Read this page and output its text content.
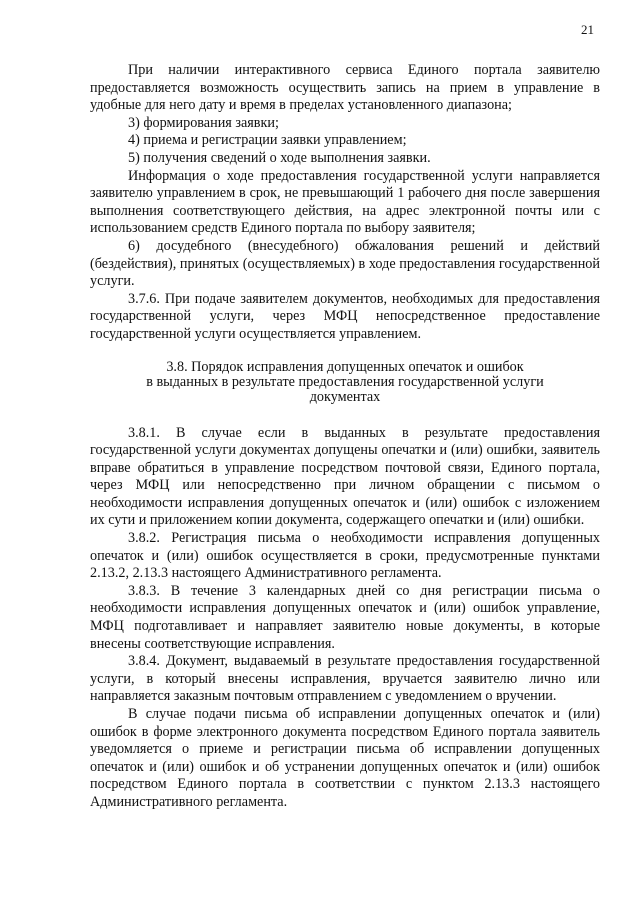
21

При наличии интерактивного сервиса Единого портала заявителю предоставляется возможность осуществить запись на прием в управление в удобные для него дату и время в пределах установленного диапазона;

3) формирования заявки;

4) приема и регистрации заявки управлением;

5) получения сведений о ходе выполнения заявки.

Информация о ходе предоставления государственной услуги направляется заявителю управлением в срок, не превышающий 1 рабочего дня после завершения выполнения соответствующего действия, на адрес электронной почты или с использованием средств Единого портала по выбору заявителя;

6) досудебного (внесудебного) обжалования решений и действий (бездействия), принятых (осуществляемых) в ходе предоставления государственной услуги.

3.7.6. При подаче заявителем документов, необходимых для предоставления государственной услуги, через МФЦ непосредственное предоставление государственной услуги осуществляется управлением.

3.8. Порядок исправления допущенных опечаток и ошибок
в выданных в результате предоставления государственной услуги
документах

3.8.1. В случае если в выданных в результате предоставления государственной услуги документах допущены опечатки и (или) ошибки, заявитель вправе обратиться в управление посредством почтовой связи, Единого портала, через МФЦ или непосредственно при личном обращении с письмом о необходимости исправления допущенных опечаток и (или) ошибок с изложением их сути и приложением копии документа, содержащего опечатки и (или) ошибки.

3.8.2. Регистрация письма о необходимости исправления допущенных опечаток и (или) ошибок осуществляется в сроки, предусмотренные пунктами 2.13.2, 2.13.3 настоящего Административного регламента.

3.8.3. В течение 3 календарных дней со дня регистрации письма о необходимости исправления допущенных опечаток и (или) ошибок управление, МФЦ подготавливает и направляет заявителю новые документы, в которые внесены соответствующие исправления.

3.8.4. Документ, выдаваемый в результате предоставления государственной услуги, в который внесены исправления, вручается заявителю лично или направляется заказным почтовым отправлением с уведомлением о вручении.

В случае подачи письма об исправлении допущенных опечаток и (или) ошибок в форме электронного документа посредством Единого портала заявитель уведомляется о приеме и регистрации письма об исправлении допущенных опечаток и (или) ошибок и об устранении допущенных опечаток и (или) ошибок посредством Единого портала в соответствии с пунктом 2.13.3 настоящего Административного регламента.
